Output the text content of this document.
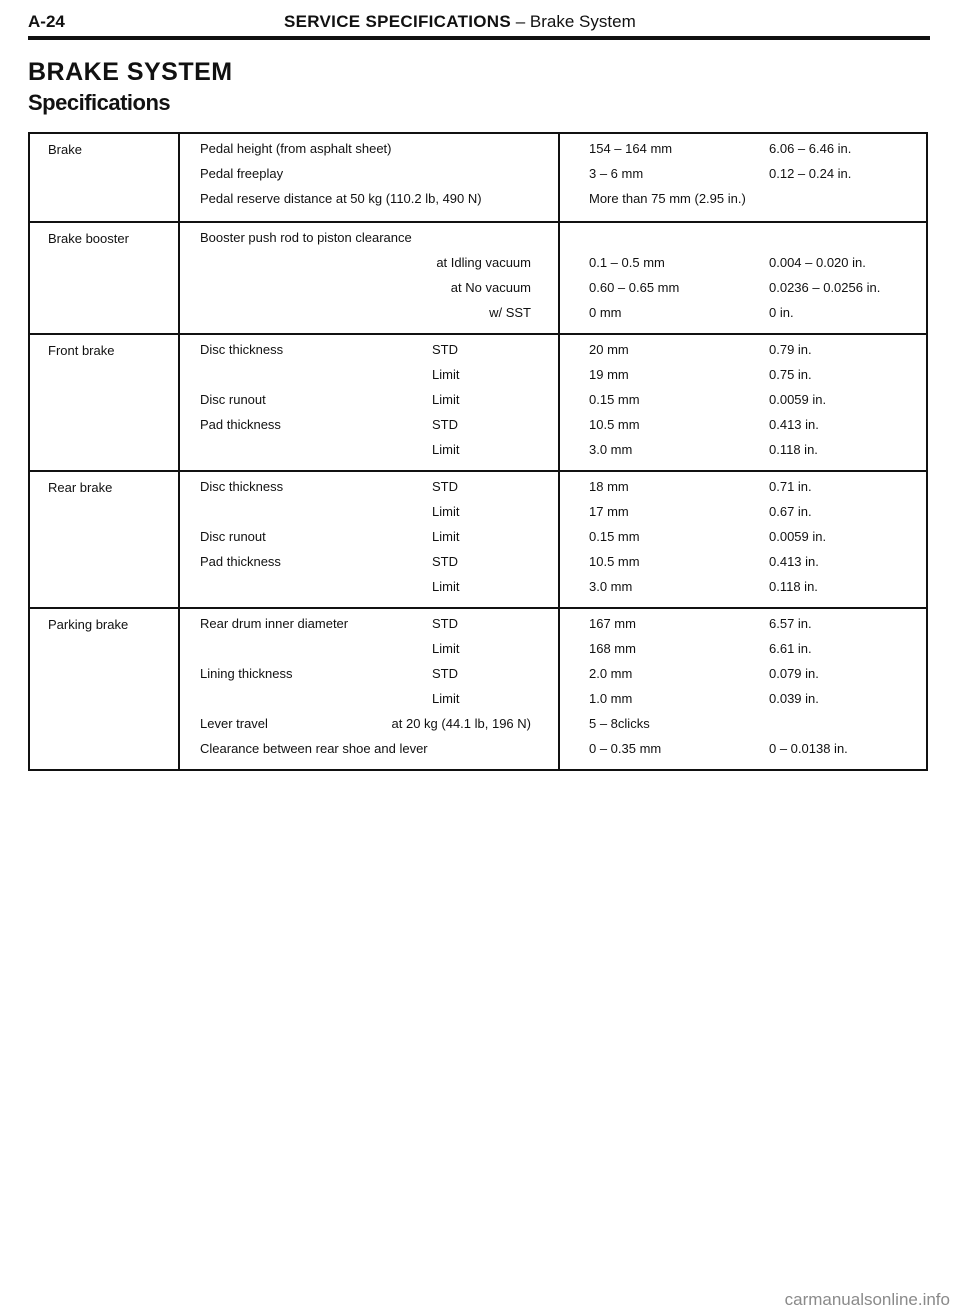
A-24	SERVICE SPECIFICATIONS – Brake System
BRAKE SYSTEM
Specifications
Brake	Pedal height (from asphalt sheet)	154 – 164 mm	6.06 – 6.46 in.
Pedal freeplay	3 – 6 mm	0.12 – 0.24 in.
Pedal reserve distance at 50 kg (110.2 lb, 490 N)	More than 75 mm (2.95 in.)
Brake booster	Booster push rod to piston clearance
at Idling vacuum	0.1 – 0.5 mm	0.004 – 0.020 in.
at No vacuum	0.60 – 0.65 mm	0.0236 – 0.0256 in.
w/ SST	0 mm	0 in.
Front brake	Disc thickness	STD	20 mm	0.79 in.
Limit	19 mm	0.75 in.
Disc runout	Limit	0.15 mm	0.0059 in.
Pad thickness	STD	10.5 mm	0.413 in.
Limit	3.0 mm	0.118 in.
Rear brake	Disc thickness	STD	18 mm	0.71 in.
Limit	17 mm	0.67 in.
Disc runout	Limit	0.15 mm	0.0059 in.
Pad thickness	STD	10.5 mm	0.413 in.
Limit	3.0 mm	0.118 in.
Parking brake	Rear drum inner diameter	STD	167 mm	6.57 in.
Limit	168 mm	6.61 in.
Lining thickness	STD	2.0 mm	0.079 in.
Limit	1.0 mm	0.039 in.
Lever travel	at 20 kg (44.1 lb, 196 N)	5 – 8clicks
Clearance between rear shoe and lever	0 – 0.35 mm	0 – 0.0138 in.
carmanualsonline.info
